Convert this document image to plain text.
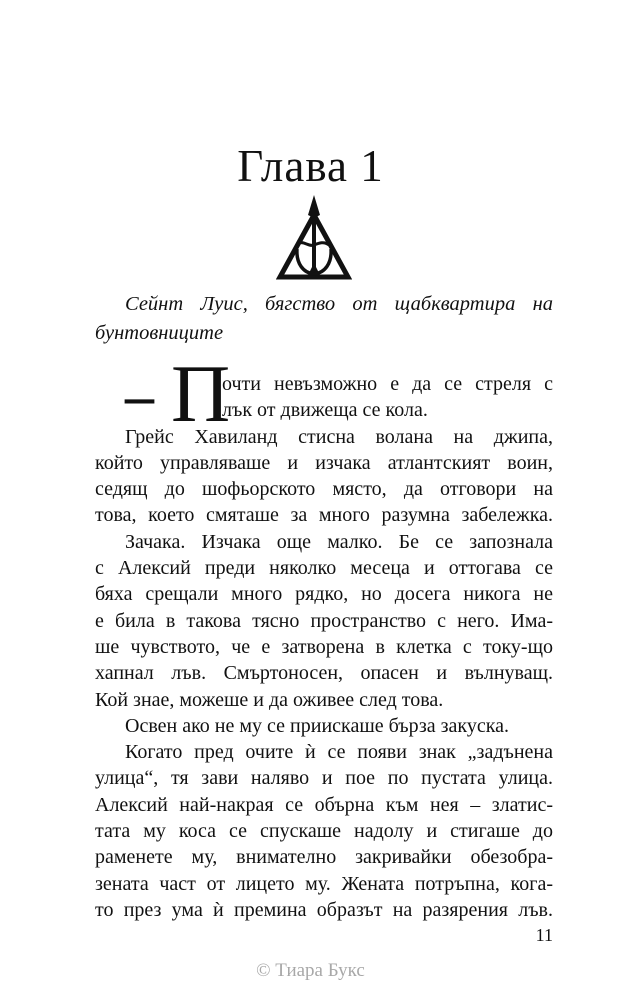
Глава 1
Сейнт Луис, бягство от щабквартира на
бунтовниците
– П
очти невъзможно е да се стреля с
лък от движеща се кола.
Грейс Хавиланд стисна волана на джипа,
който управляваше и изчака атлантският воин,
седящ до шофьорското място, да отговори на
това, което смяташе за много разумна забележка.
Зачака. Изчака още малко. Бе се запознала
с Алексий преди няколко месеца и оттогава се
бяха срещали много рядко, но досега никога не
е била в такова тясно пространство с него. Има-
ше чувството, че е затворена в клетка с току-що
хапнал лъв. Смъртоносен, опасен и вълнуващ.
Кой знае, можеше и да оживее след това.
Освен ако не му се приискаше бърза закуска.
Когато пред очите ѝ се появи знак „задънена
улица“, тя зави наляво и пое по пустата улица.
Алексий най-накрая се обърна към нея – златис-
тата му коса се спускаше надолу и стигаше до
раменете му, внимателно закривайки обезобра-
зената част от лицето му. Жената потръпна, кога-
то през ума ѝ премина образът на разярения лъв.
11
© Тиара Букс
